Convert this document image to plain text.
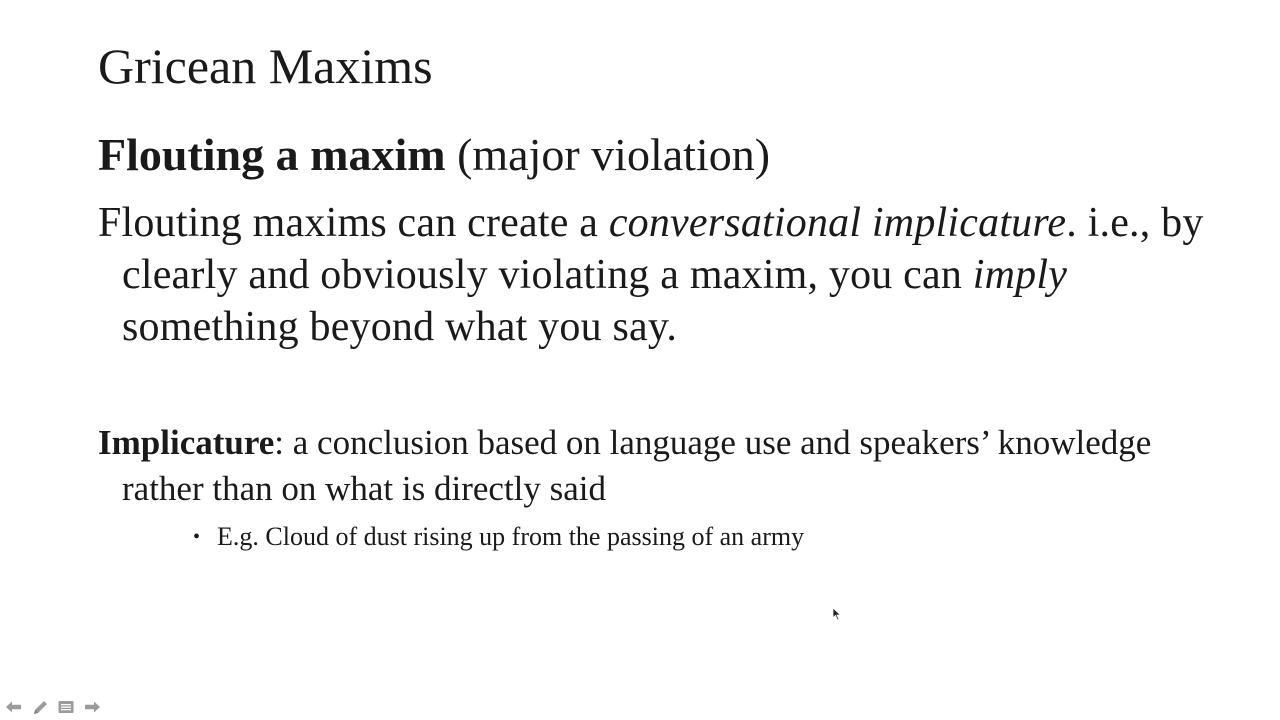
Gricean Maxims

Flouting a maxim (major violation)

Flouting maxims can create a conversational implicature. i.e., by clearly and obviously violating a maxim, you can imply something beyond what you say.

Implicature: a conclusion based on language use and speakers’ knowledge rather than on what is directly said

• E.g. Cloud of dust rising up from the passing of an army
